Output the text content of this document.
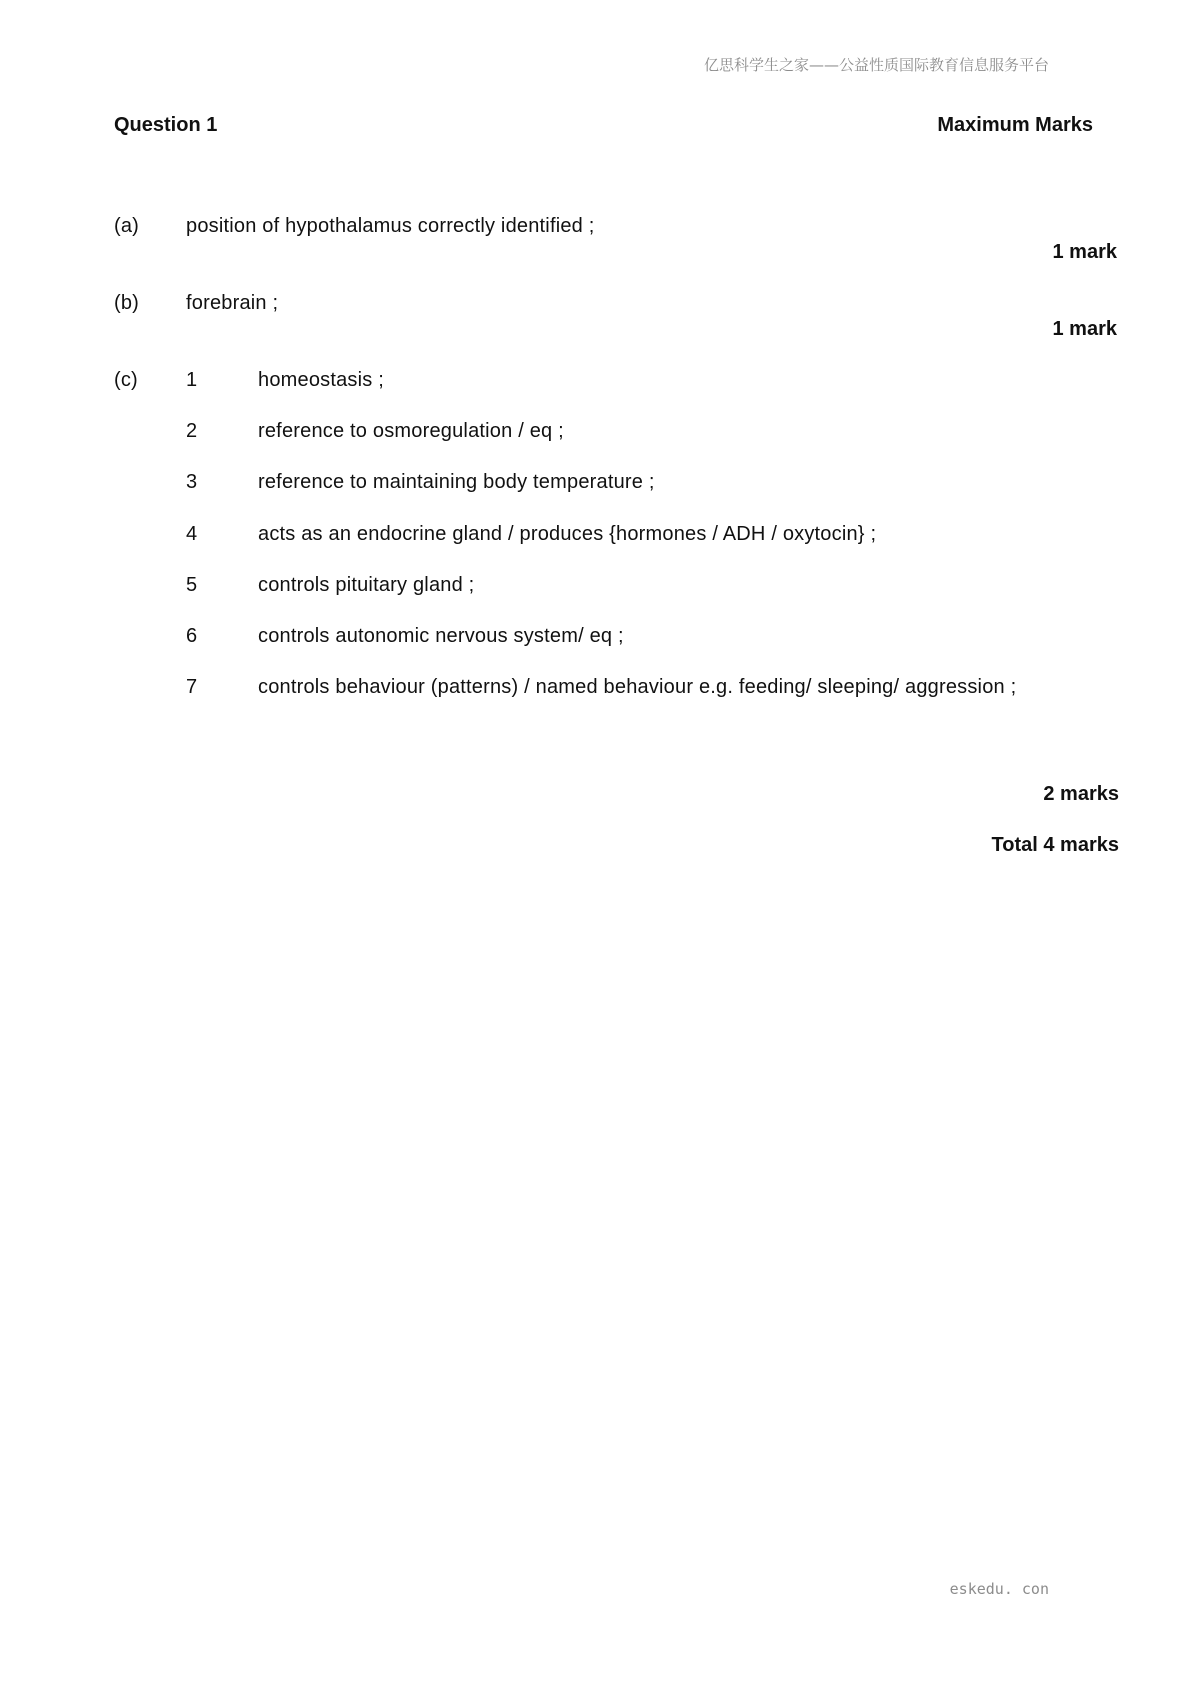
亿思科学生之家——公益性质国际教育信息服务平台
Question 1	Maximum Marks
(a) position of hypothalamus correctly identified ;
1 mark
(b) forebrain ;
1 mark
(c) 1	homeostasis ;
2	reference to osmoregulation / eq ;
3	reference to maintaining body temperature ;
4	acts as an endocrine gland / produces {hormones / ADH / oxytocin} ;
5	controls pituitary gland ;
6	controls autonomic nervous system/ eq ;
7	controls behaviour (patterns) / named behaviour e.g. feeding/ sleeping/ aggression ;
2 marks
Total 4 marks
eskedu. con
